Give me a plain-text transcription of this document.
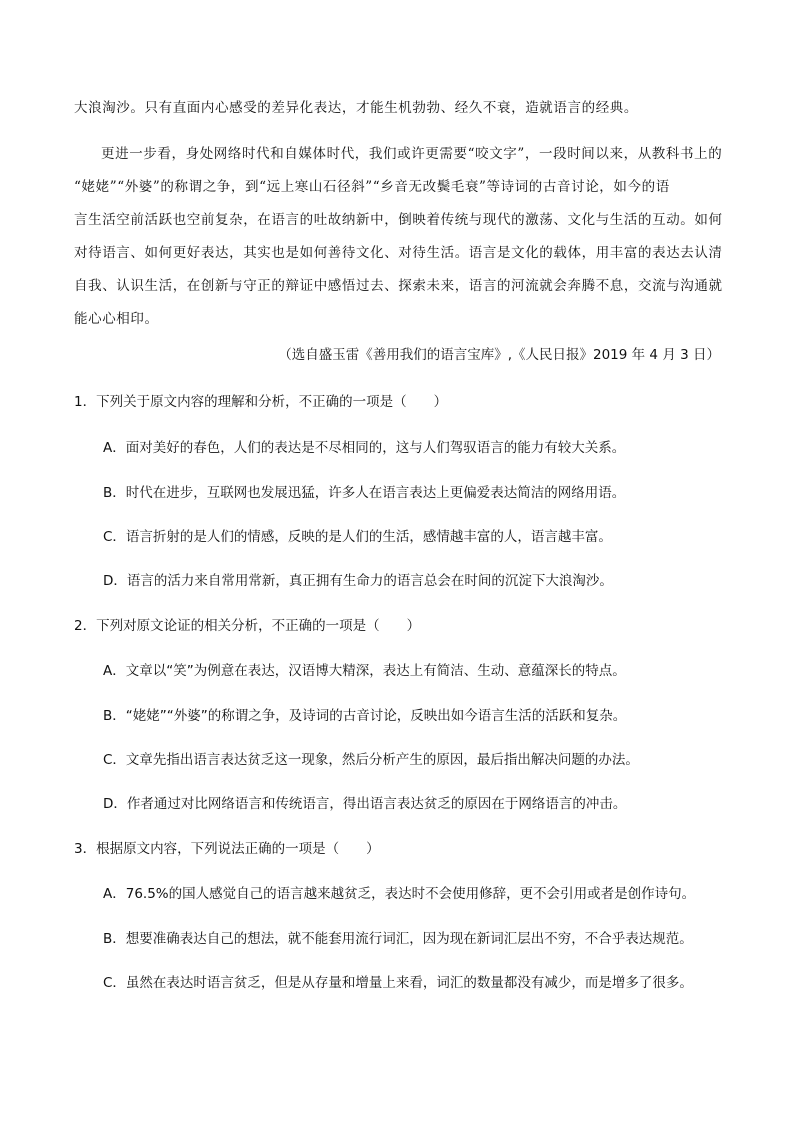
大浪淘沙。只有直面内心感受的差异化表达，才能生机勃勃、经久不衰，造就语言的经典。
更进一步看，身处网络时代和自媒体时代，我们或许更需要“咬文字”，一段时间以来，从教科书上的
“姥姥”“外婆”的称谓之争，到“远上寒山石径斜”“乡音无改鬓毛衰”等诗词的古音讨论，如今的语
言生活空前活跃也空前复杂，在语言的吐故纳新中，倒映着传统与现代的激荡、文化与生活的互动。如何
对待语言、如何更好表达，其实也是如何善待文化、对待生活。语言是文化的载体，用丰富的表达去认清
自我、认识生活，在创新与守正的辩证中感悟过去、探索未来，语言的河流就会奔腾不息，交流与沟通就
能心心相印。
（选自盛玉雷《善用我们的语言宝库》,《人民日报》2019 年 4 月 3 日）
1．下列关于原文内容的理解和分析，不正确的一项是（　　）
A．面对美好的春色，人们的表达是不尽相同的，这与人们驾驭语言的能力有较大关系。
B．时代在进步，互联网也发展迅猛，许多人在语言表达上更偏爱表达简洁的网络用语。
C．语言折射的是人们的情感，反映的是人们的生活，感情越丰富的人，语言越丰富。
D．语言的活力来自常用常新，真正拥有生命力的语言总会在时间的沉淀下大浪淘沙。
2．下列对原文论证的相关分析，不正确的一项是（　　）
A．文章以“笑”为例意在表达，汉语博大精深，表达上有简洁、生动、意蕴深长的特点。
B．“姥姥”“外婆”的称谓之争，及诗词的古音讨论，反映出如今语言生活的活跃和复杂。
C．文章先指出语言表达贫乏这一现象，然后分析产生的原因，最后指出解决问题的办法。
D．作者通过对比网络语言和传统语言，得出语言表达贫乏的原因在于网络语言的冲击。
3．根据原文内容，下列说法正确的一项是（　　）
A．76.5%的国人感觉自己的语言越来越贫乏，表达时不会使用修辞，更不会引用或者是创作诗句。
B．想要准确表达自己的想法，就不能套用流行词汇，因为现在新词汇层出不穷，不合乎表达规范。
C．虽然在表达时语言贫乏，但是从存量和增量上来看，词汇的数量都没有减少，而是增多了很多。
